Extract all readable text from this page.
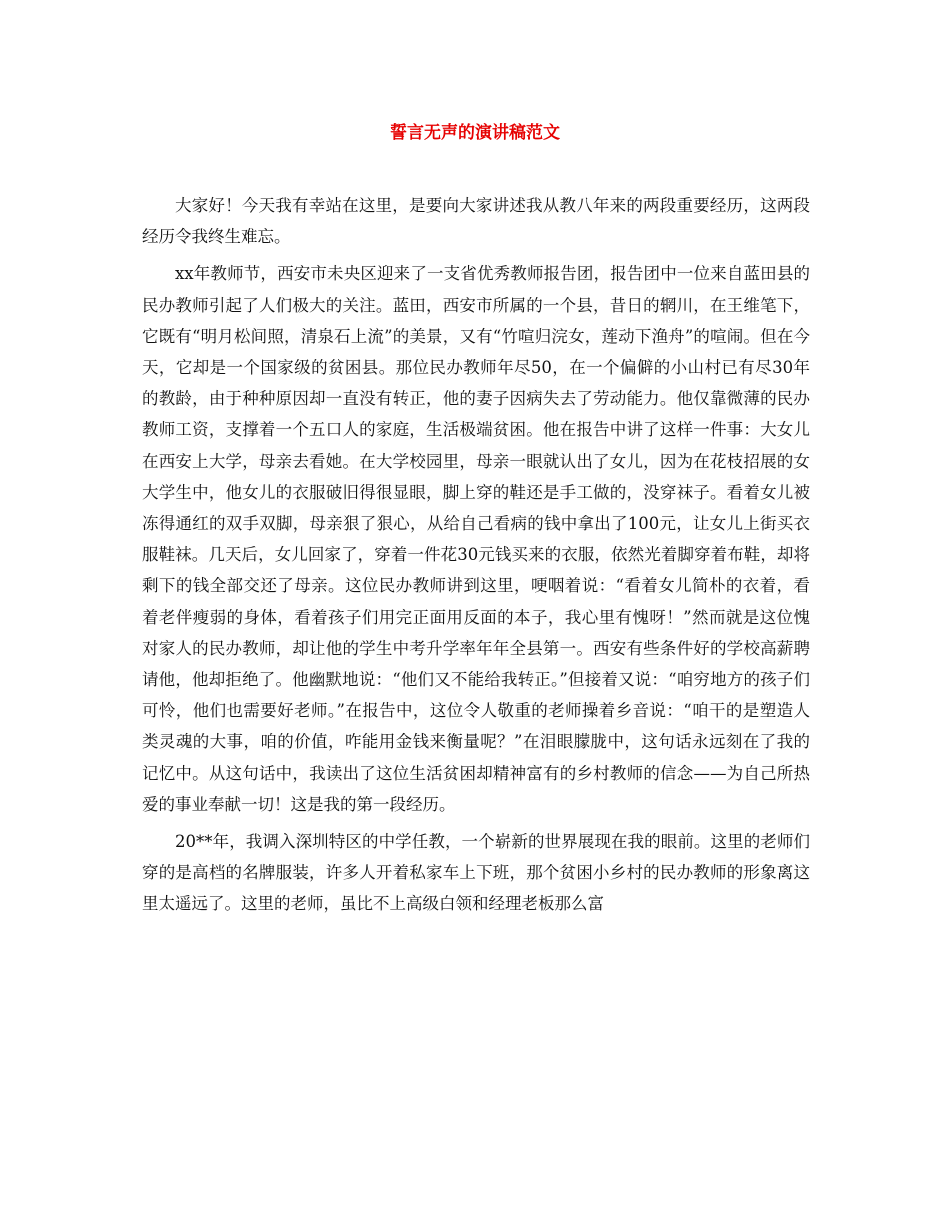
誓言无声的演讲稿范文

大家好！今天我有幸站在这里，是要向大家讲述我从教八年来的两段重要经历，这两段经历令我终生难忘。

xx年教师节，西安市未央区迎来了一支省优秀教师报告团，报告团中一位来自蓝田县的民办教师引起了人们极大的关注。蓝田，西安市所属的一个县，昔日的辋川，在王维笔下，它既有“明月松间照，清泉石上流”的美景，又有“竹喧归浣女，莲动下渔舟”的喧闹。但在今天，它却是一个国家级的贫困县。那位民办教师年尽50，在一个偏僻的小山村已有尽30年的教龄，由于种种原因却一直没有转正，他的妻子因病失去了劳动能力。他仅靠微薄的民办教师工资，支撑着一个五口人的家庭，生活极端贫困。他在报告中讲了这样一件事：大女儿在西安上大学，母亲去看她。在大学校园里，母亲一眼就认出了女儿，因为在花枝招展的女大学生中，他女儿的衣服破旧得很显眼，脚上穿的鞋还是手工做的，没穿袜子。看着女儿被冻得通红的双手双脚，母亲狠了狠心，从给自己看病的钱中拿出了100元，让女儿上街买衣服鞋袜。几天后，女儿回家了，穿着一件花30元钱买来的衣服，依然光着脚穿着布鞋，却将剩下的钱全部交还了母亲。这位民办教师讲到这里，哽咽着说：“看着女儿简朴的衣着，看着老伴瘦弱的身体，看着孩子们用完正面用反面的本子，我心里有愧呀！”然而就是这位愧对家人的民办教师，却让他的学生中考升学率年年全县第一。西安有些条件好的学校高薪聘请他，他却拒绝了。他幽默地说：“他们又不能给我转正。”但接着又说：“咱穷地方的孩子们可怜，他们也需要好老师。”在报告中，这位令人敬重的老师操着乡音说：“咱干的是塑造人类灵魂的大事，咱的价值，咋能用金钱来衡量呢？”在泪眼朦胧中，这句话永远刻在了我的记忆中。从这句话中，我读出了这位生活贫困却精神富有的乡村教师的信念——为自己所热爱的事业奉献一切！这是我的第一段经历。

20**年，我调入深圳特区的中学任教，一个崭新的世界展现在我的眼前。这里的老师们穿的是高档的名牌服装，许多人开着私家车上下班，那个贫困小乡村的民办教师的形象离这里太遥远了。这里的老师，虽比不上高级白领和经理老板那么富
